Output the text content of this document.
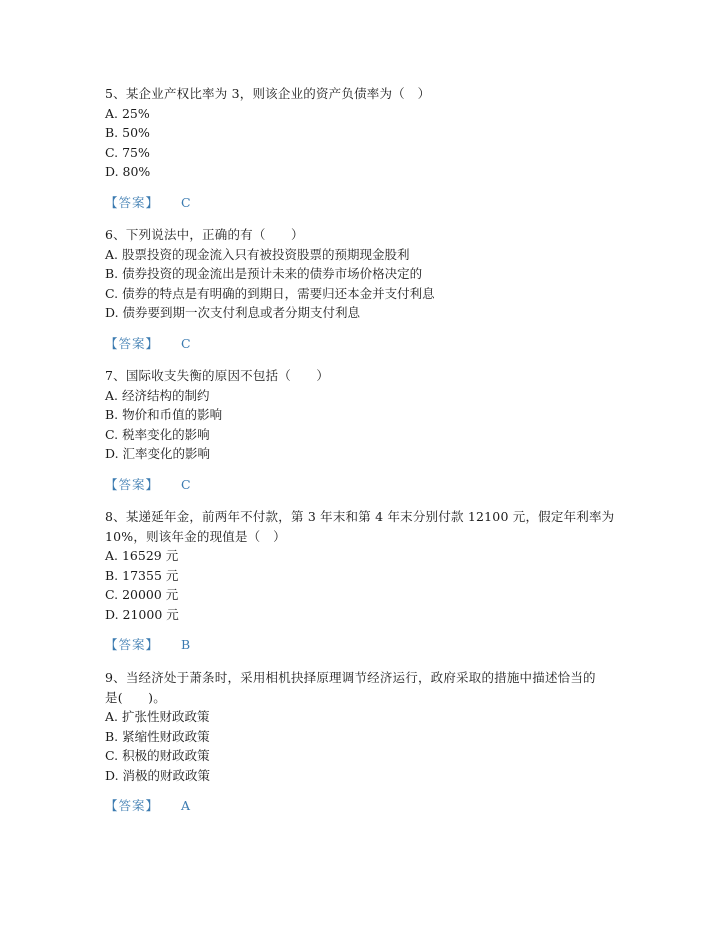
5、某企业产权比率为 3，则该企业的资产负债率为（　）
A. 25%
B. 50%
C. 75%
D. 80%
【答案】 C
6、下列说法中，正确的有（　　）
A. 股票投资的现金流入只有被投资股票的预期现金股利
B. 债券投资的现金流出是预计未来的债券市场价格决定的
C. 债券的特点是有明确的到期日，需要归还本金并支付利息
D. 债券要到期一次支付利息或者分期支付利息
【答案】 C
7、国际收支失衡的原因不包括（　　）
A. 经济结构的制约
B. 物价和币值的影响
C. 税率变化的影响
D. 汇率变化的影响
【答案】 C
8、某递延年金，前两年不付款，第 3 年末和第 4 年末分别付款 12100 元，假定年利率为
10%，则该年金的现值是（　）
A. 16529 元
B. 17355 元
C. 20000 元
D. 21000 元
【答案】 B
9、当经济处于萧条时，采用相机抉择原理调节经济运行，政府采取的措施中描述恰当的
是(　　)。
A. 扩张性财政政策
B. 紧缩性财政政策
C. 积极的财政政策
D. 消极的财政政策
【答案】 A
